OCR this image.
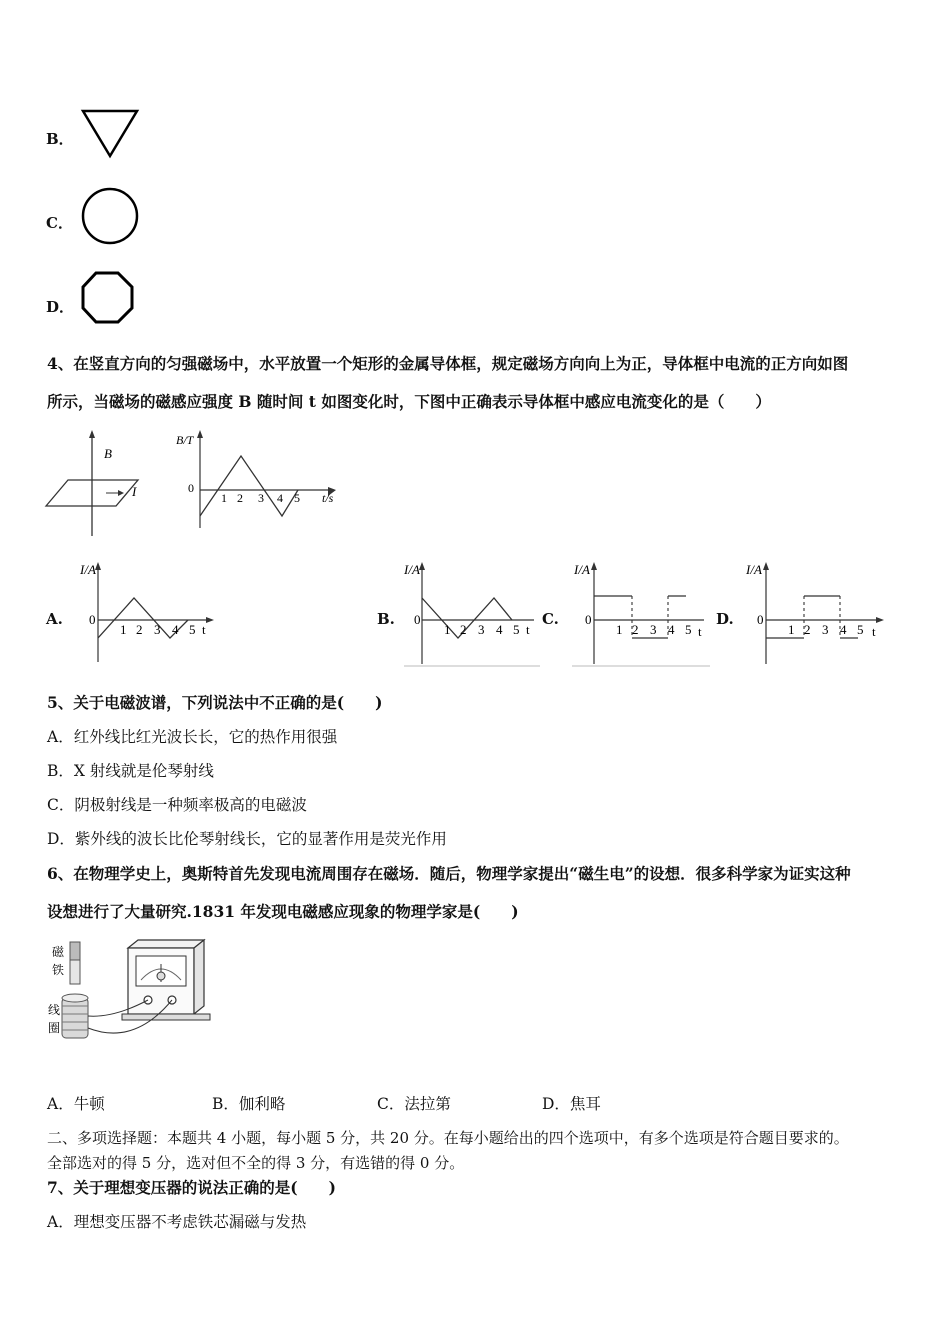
B．
C．
D．
4、在竖直方向的匀强磁场中，水平放置一个矩形的金属导体框，规定磁场方向向上为正，导体框中电流的正方向如图
所示，当磁场的磁感应强度 B 随时间 t 如图变化时，下图中正确表示导体框中感应电流变化的是（　　）
B
I
B/T
t/s
0
1 2 3 4 5
A.
I/A
t
0
1 2 3 4 5
B.
I/A
t
0
1 2 3 4 5
C.
I/A
t
0
1 2 3 4 5
D.
I/A
t
0
1 2 3 4 5
5、关于电磁波谱，下列说法中不正确的是(　　)
A．红外线比红光波长长，它的热作用很强
B．X 射线就是伦琴射线
C．阴极射线是一种频率极高的电磁波
D．紫外线的波长比伦琴射线长，它的显著作用是荧光作用
6、在物理学史上，奥斯特首先发现电流周围存在磁场．随后，物理学家提出“磁生电”的设想．很多科学家为证实这种
设想进行了大量研究.1831 年发现电磁感应现象的物理学家是(　　)
磁
铁
线
圈
A．牛顿	B．伽利略	C．法拉第	D．焦耳
二、多项选择题：本题共 4 小题，每小题 5 分，共 20 分。在每小题给出的四个选项中，有多个选项是符合题目要求的。
全部选对的得 5 分，选对但不全的得 3 分，有选错的得 0 分。
7、关于理想变压器的说法正确的是(　　)
A．理想变压器不考虑铁芯漏磁与发热
